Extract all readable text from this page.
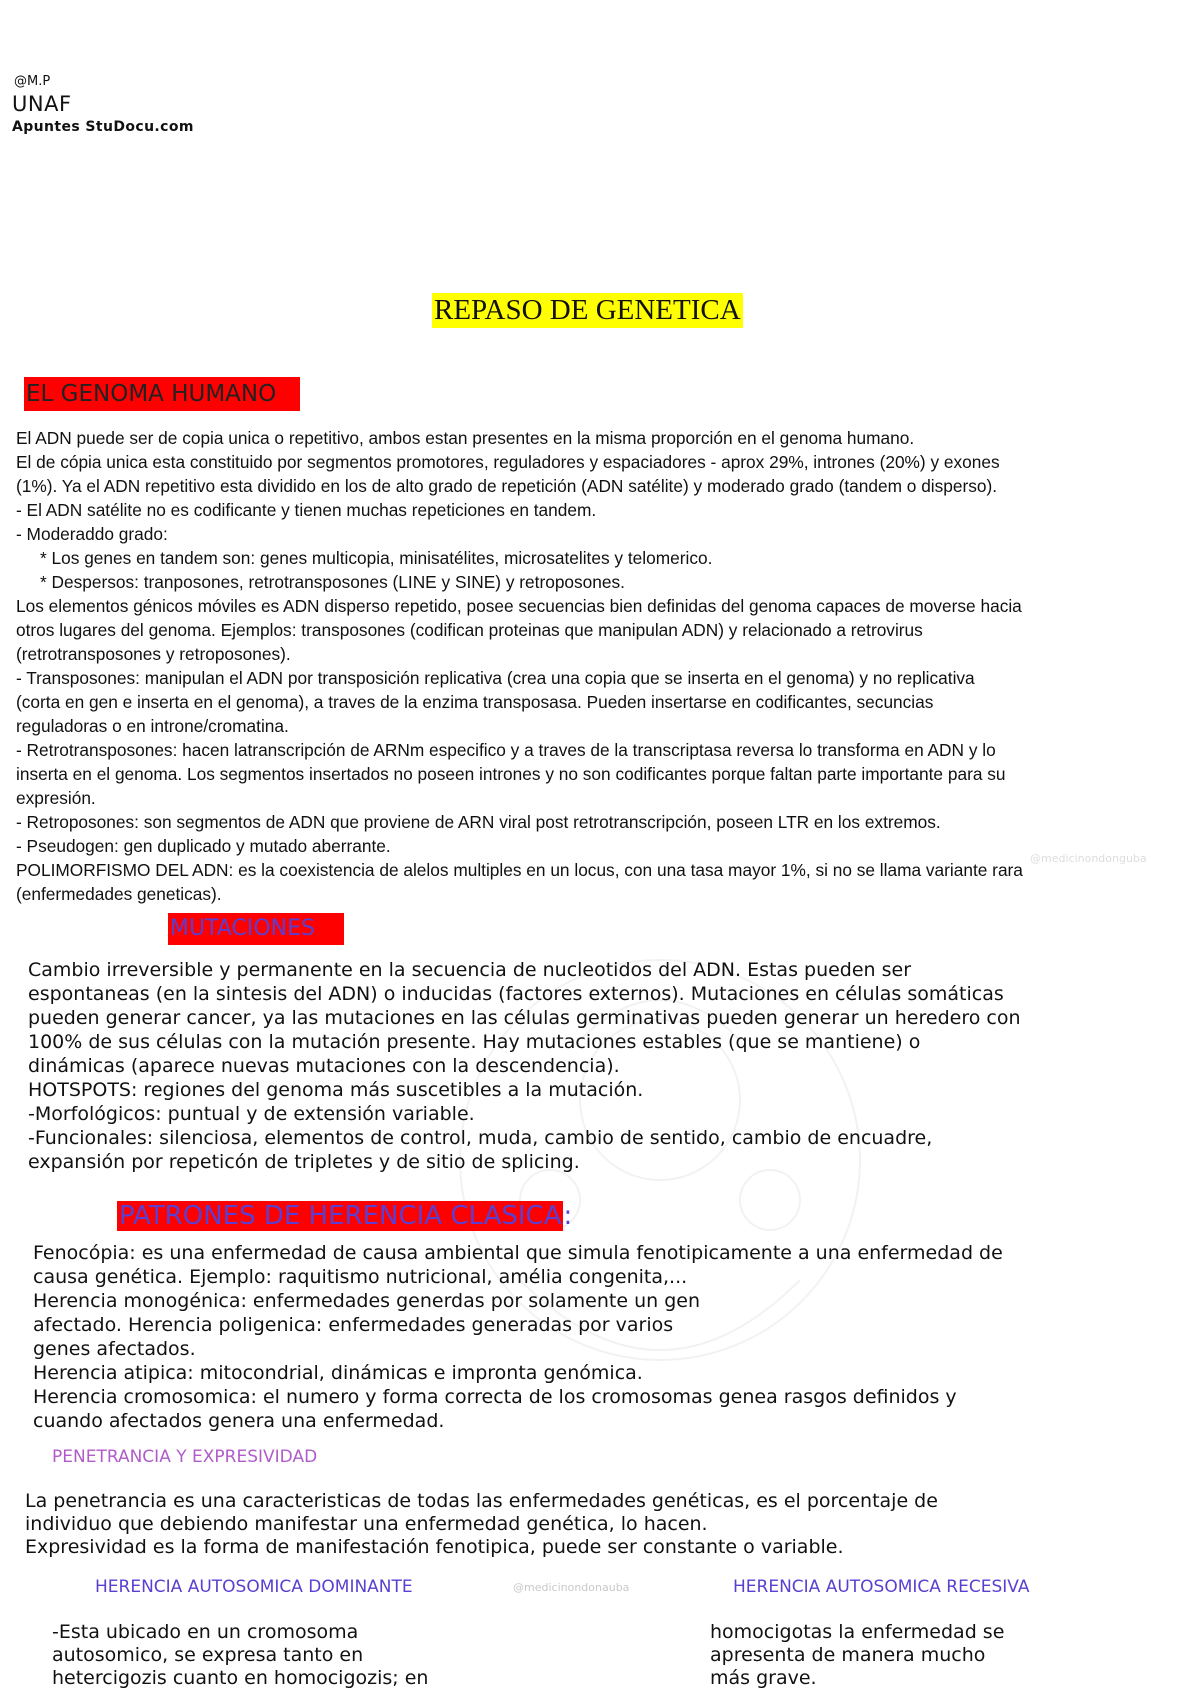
@M.P
UNAF
Apuntes StuDocu.com
REPASO DE GENETICA
EL GENOMA HUMANO
El ADN puede ser de copia unica o repetitivo, ambos estan presentes en la misma proporción en el genoma humano.
El de cópia unica esta constituido por segmentos promotores, reguladores y espaciadores - aprox 29%, intrones (20%) y exones
(1%). Ya el ADN repetitivo esta dividido en los de alto grado de repetición (ADN satélite) y moderado grado (tandem o disperso).
- El ADN satélite no es codificante y tienen muchas repeticiones en tandem.
- Moderaddo grado:
* Los genes en tandem son: genes multicopia, minisatélites, microsatelites y telomerico.
* Despersos: tranposones, retrotransposones (LINE y SINE) y retroposones.
Los elementos génicos móviles es ADN disperso repetido, posee secuencias bien definidas del genoma capaces de moverse hacia
otros lugares del genoma. Ejemplos: transposones (codifican proteinas que manipulan ADN) y relacionado a retrovirus
(retrotransposones y retroposones).
- Transposones: manipulan el ADN por transposición replicativa (crea una copia que se inserta en el genoma) y no replicativa
(corta en gen e inserta en el genoma), a traves de la enzima transposasa. Pueden insertarse en codificantes, secuncias
reguladoras o en introne/cromatina.
- Retrotransposones: hacen latranscripción de ARNm especifico y a traves de la transcriptasa reversa lo transforma en ADN y lo
inserta en el genoma. Los segmentos insertados no poseen intrones y no son codificantes porque faltan parte importante para su
expresión.
- Retroposones: son segmentos de ADN que proviene de ARN viral post retrotranscripción, poseen LTR en los extremos.
- Pseudogen: gen duplicado y mutado aberrante.
POLIMORFISMO DEL ADN: es la coexistencia de alelos multiples en un locus, con una tasa mayor 1%, si no se llama variante rara
(enfermedades geneticas).
@medicinondonguba
MUTACIONES
Cambio irreversible y permanente en la secuencia de nucleotidos del ADN. Estas pueden ser
espontaneas (en la sintesis del ADN) o inducidas (factores externos). Mutaciones en células somáticas
pueden generar cancer, ya las mutaciones en las células germinativas pueden generar un heredero con
100% de sus células con la mutación presente. Hay mutaciones estables (que se mantiene) o
dinámicas (aparece nuevas mutaciones con la descendencia).
HOTSPOTS: regiones del genoma más suscetibles a la mutación.
-Morfológicos: puntual y de extensión variable.
-Funcionales: silenciosa, elementos de control, muda, cambio de sentido, cambio de encuadre,
expansión por repeticón de tripletes y de sitio de splicing.
PATRONES DE HERENCIA CLASICA:
Fenocópia: es una enfermedad de causa ambiental que simula fenotipicamente a una enfermedad de
causa genética. Ejemplo: raquitismo nutricional, amélia congenita,...
Herencia monogénica: enfermedades generdas por solamente un gen
afectado. Herencia poligenica: enfermedades generadas por varios
genes afectados.
Herencia atipica: mitocondrial, dinámicas e impronta genómica.
Herencia cromosomica: el numero y forma correcta de los cromosomas genea rasgos definidos y
cuando afectados genera una enfermedad.
PENETRANCIA Y EXPRESIVIDAD
La penetrancia es una caracteristicas de todas las enfermedades genéticas, es el porcentaje de
individuo que debiendo manifestar una enfermedad genética, lo hacen.
Expresividad es la forma de manifestación fenotipica, puede ser constante o variable.
HERENCIA AUTOSOMICA DOMINANTE	@medicinondonauba	HERENCIA AUTOSOMICA RECESIVA
-Esta ubicado en un cromosoma
autosomico, se expresa tanto en
hetercigozis cuanto en homocigozis; en
homocigotas la enfermedad se
apresenta de manera mucho
más grave.
